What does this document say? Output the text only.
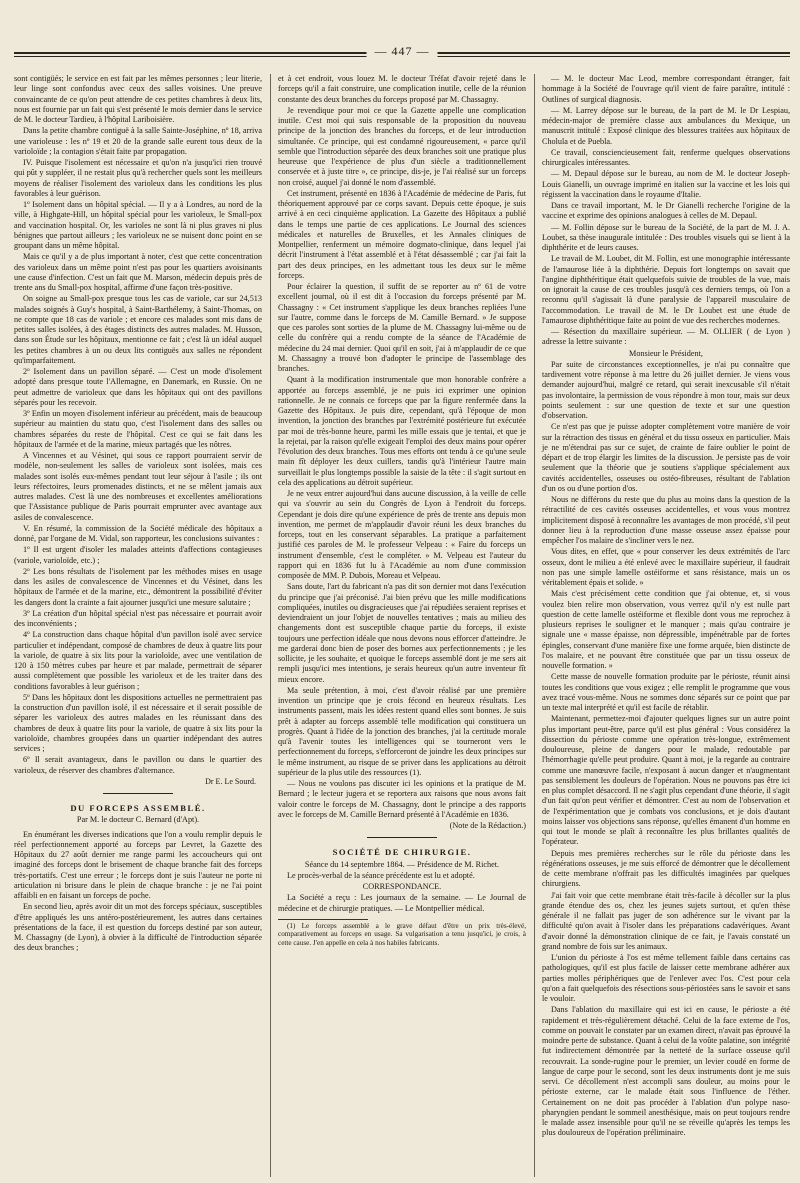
— 447 —

sont contigüés; le service en est fait par les mêmes personnes ; leur literie, leur linge sont confondus avec ceux des salles voisines. Une preuve convaincante de ce qu'on peut attendre de ces petites chambres à deux lits, nous est fournie par un fait qui s'est présenté le mois dernier dans le service de M. le docteur Tardieu, à l'hôpital Lariboisière.

Dans la petite chambre contiguë à la salle Sainte-Joséphine, nº 18, arriva une varioleuse : les nº 19 et 20 de la grande salle eurent tous deux de la varioloïde ; la contagion s'était faite par propagation.

IV. Puisque l'isolement est nécessaire et qu'on n'a jusqu'ici rien trouvé qui pût y suppléer, il ne restait plus qu'à rechercher quels sont les meilleurs moyens de réaliser l'isolement des varioleux dans les conditions les plus favorables à leur guérison.

1º Isolement dans un hôpital spécial. — Il y a à Londres, au nord de la ville, à Highgate-Hill, un hôpital spécial pour les varioleux, le Small-pox and vaccination hospital. Or, les varioles ne sont là ni plus graves ni plus bénignes que partout ailleurs ; les varioleux ne se nuisent donc point en se groupant dans un même hôpital.

Mais ce qu'il y a de plus important à noter, c'est que cette concentration des varioleux dans un même point n'est pas pour les quartiers avoisinants une cause d'infection. C'est un fait que M. Marson, médecin depuis près de trente ans du Small-pox hospital, affirme d'une façon très-positive.

On soigne au Small-pox presque tous les cas de variole, car sur 24,513 malades soignés à Guy's hospital, à Saint-Barthélemy, à Saint-Thomas, on ne compte que 18 cas de variole ; et encore ces malades sont mis dans de petites salles isolées, à des étages distincts des autres malades. M. Husson, dans son Étude sur les hôpitaux, mentionne ce fait ; c'est là un idéal auquel les petites chambres à un ou deux lits contiguës aux salles ne répondent qu'imparfaitement.

2º Isolement dans un pavillon séparé. — C'est un mode d'isolement adopté dans presque toute l'Allemagne, en Danemark, en Russie. On ne peut admettre de varioleux que dans les hôpitaux qui ont des pavillons séparés pour les recevoir.

3º Enfin un moyen d'isolement inférieur au précédent, mais de beaucoup supérieur au maintien du statu quo, c'est l'isolement dans des salles ou chambres séparées du reste de l'hôpital. C'est ce qui se fait dans les hôpitaux de l'armée et de la marine, mieux partagés que les nôtres.

A Vincennes et au Vésinet, qui sous ce rapport pourraient servir de modèle, non-seulement les salles de varioleux sont isolées, mais ces malades sont isolés eux-mêmes pendant tout leur séjour à l'asile ; ils ont leurs réfectoires, leurs promenades distincts, et ne se mêlent jamais aux autres malades. C'est là une des nombreuses et excellentes améliorations que l'Assistance publique de Paris pourrait emprunter avec avantage aux asiles de convalescence.

V. En résumé, la commission de la Société médicale des hôpitaux a donné, par l'organe de M. Vidal, son rapporteur, les conclusions suivantes :

1º Il est urgent d'isoler les malades atteints d'affections contagieuses (variole, varioloïde, etc.) ;

2º Les bons résultats de l'isolement par les méthodes mises en usage dans les asiles de convalescence de Vincennes et du Vésinet, dans les hôpitaux de l'armée et de la marine, etc., démontrent la possibilité d'éviter les dangers dont la crainte a fait ajourner jusqu'ici une mesure salutaire ;

3º La création d'un hôpital spécial n'est pas nécessaire et pourrait avoir des inconvénients ;

4º La construction dans chaque hôpital d'un pavillon isolé avec service particulier et indépendant, composé de chambres de deux à quatre lits pour la variole, de quatre à six lits pour la varioloïde, avec une ventilation de 120 à 150 mètres cubes par heure et par malade, permettrait de séparer aussi complètement que possible les varioleux et de les traiter dans des conditions favorables à leur guérison ;

5º Dans les hôpitaux dont les dispositions actuelles ne permettraient pas la construction d'un pavillon isolé, il est nécessaire et il serait possible de séparer les varioleux des autres malades en les réunissant dans des chambres de deux à quatre lits pour la variole, de quatre à six lits pour la varioloïde, chambres groupées dans un quartier indépendant des autres services ;

6º Il serait avantageux, dans le pavillon ou dans le quartier des varioleux, de réserver des chambres d'alternance.

Dr E. Le Sourd.
DU FORCEPS ASSEMBLÉ.
Par M. le docteur C. Bernard (d'Apt).

En énumérant les diverses indications que l'on a voulu remplir depuis le réel perfectionnement apporté au forceps par Levret, la Gazette des Hôpitaux du 27 août dernier me range parmi les accoucheurs qui ont imaginé des forceps dont le brisement de chaque branche fait des forceps très-portatifs. C'est une erreur ; le forceps dont je suis l'auteur ne porte ni articulation ni brisure dans le plein de chaque branche : je ne l'ai point affaibli en en faisant un forceps de poche.

En second lieu, après avoir dit un mot des forceps spéciaux, susceptibles d'être appliqués les uns antéro-postérieurement, les autres dans certaines présentations de la face, il est question du forceps destiné par son auteur, M. Chassagny (de Lyon), à obvier à la difficulté de l'introduction séparée des deux branches ;

et à cet endroit, vous louez M. le docteur Tréfat d'avoir rejeté dans le forceps qu'il a fait construire, une complication inutile, celle de la réunion constante des deux branches du forceps proposé par M. Chassagny.

Je revendique pour moi ce que la Gazette appelle une complication inutile. C'est moi qui suis responsable de la proposition du nouveau principe de la jonction des branches du forceps, et de leur introduction simultanée. Ce principe, qui est condamné rigoureusement, « parce qu'il semble que l'introduction séparée des deux branches soit une pratique plus heureuse que l'expérience de plus d'un siècle a traditionnellement conservée et à juste titre », ce principe, dis-je, je l'ai réalisé sur un forceps non croisé, auquel j'ai donné le nom d'assemblé.

Cet instrument, présenté en 1836 à l'Académie de médecine de Paris, fut théoriquement approuvé par ce corps savant. Depuis cette époque, je suis arrivé à en ceci cinquième application. La Gazette des Hôpitaux a publié dans le temps une partie de ces applications. Le Journal des sciences médicales et naturelles de Bruxelles, et les Annales cliniques de Montpellier, renferment un mémoire dogmato-clinique, dans lequel j'ai décrit l'instrument à l'état assemblé et à l'état désassemblé ; car j'ai fait la part des deux principes, en les admettant tous les deux sur le même forceps.

Pour éclairer la question, il suffit de se reporter au nº 61 de votre excellent journal, où il est dit à l'occasion du forceps présenté par M. Chassagny : « Cet instrument s'applique les deux branches repliées l'une sur l'autre, comme dans le forceps de M. Camille Bernard. » Je suppose que ces paroles sont sorties de la plume de M. Chassagny lui-même ou de celle du confrère qui a rendu compte de la séance de l'Académie de médecine du 24 mai dernier. Quoi qu'il en soit, j'ai à m'applaudir de ce que M. Chassagny a trouvé bon d'adopter le principe de l'assemblage des branches.

Quant à la modification instrumentale que mon honorable confrère a apportée au forceps assemblé, je ne puis ici exprimer une opinion rationnelle. Je ne connais ce forceps que par la figure renfermée dans la Gazette des Hôpitaux. Je puis dire, cependant, qu'à l'époque de mon invention, la jonction des branches par l'extrémité postérieure fut exécutée par moi de très-bonne heure, parmi les mille essais que je tentai, et que je la rejetai, par la raison qu'elle exigeait l'emploi des deux mains pour opérer l'évolution des deux branches. Tous mes efforts ont tendu à ce qu'une seule main fît déployer les deux cuillers, tandis qu'à l'intérieur l'autre main surveillait le plus longtemps possible la saisie de la tête : il s'agit surtout en cela des applications au détroit supérieur.

Je ne veux entrer aujourd'hui dans aucune discussion, à la veille de celle qui va s'ouvrir au sein du Congrès de Lyon à l'endroit du forceps. Cependant je dois dire qu'une expérience de près de trente ans depuis mon invention, me permet de m'applaudir d'avoir réuni les deux branches du forceps, tout en les conservant séparables. La pratique a parfaitement justifié ces paroles de M. le professeur Velpeau : « Faire du forceps un instrument d'ensemble, c'est le compléter. » M. Velpeau est l'auteur du rapport qui en 1836 fut lu à l'Académie au nom d'une commission composée de MM. P. Dubois, Moreau et Velpeau.

Sans doute, l'art du fabricant n'a pas dit son dernier mot dans l'exécution du principe que j'ai préconisé. J'ai bien prévu que les mille modifications compliquées, inutiles ou disgracieuses que j'ai répudiées seraient reprises et deviendraient un jour l'objet de nouvelles tentatives ; mais au milieu des changements dont est susceptible chaque partie du forceps, il existe toujours une perfection idéale que nous devons nous efforcer d'atteindre. Je me garderai donc bien de poser des bornes aux perfectionnements ; je les sollicite, je les souhaite, et quoique le forceps assemblé dont je me sers ait rempli jusqu'ici mes intentions, je serais heureux qu'un autre inventeur fît mieux encore.

Ma seule prétention, à moi, c'est d'avoir réalisé par une première invention un principe que je crois fécond en heureux résultats. Les instruments passent, mais les idées restent quand elles sont bonnes. Je suis prêt à adapter au forceps assemblé telle modification qui constituera un progrès. Quant à l'idée de la jonction des branches, j'ai la certitude morale qu'à l'avenir toutes les intelligences qui se tourneront vers le perfectionnement du forceps, s'efforceront de joindre les deux principes sur le même instrument, au risque de se priver dans les applications au détroit supérieur de la plus utile des ressources (1).

— Nous ne voulons pas discuter ici les opinions et la pratique de M. Bernard ; le lecteur jugera et se reportera aux raisons que nous avons fait valoir contre le forceps de M. Chassagny, dont le principe a des rapports avec le forceps de M. Camille Bernard présenté à l'Académie en 1836.

(Note de la Rédaction.)

SOCIÉTÉ DE CHIRURGIE.

Séance du 14 septembre 1864. — Présidence de M. Richet.

Le procès-verbal de la séance précédente est lu et adopté.

CORRESPONDANCE.

La Société a reçu : Les journaux de la semaine. — Le Journal de médecine et de chirurgie pratiques. — Le Montpellier médical.

(1) Le forceps assemblé a le grave défaut d'être un prix très-élevé, comparativement au forceps en usage. Sa vulgarisation a tenu jusqu'ici, je crois, à cette cause. J'en appelle en cela à nos habiles fabricants.

— M. le docteur Mac Leod, membre correspondant étranger, fait hommage à la Société de l'ouvrage qu'il vient de faire paraître, intitulé : Outlines of surgical diagnosis.

— M. Larrey dépose sur le bureau, de la part de M. le Dr Lespiau, médecin-major de première classe aux ambulances du Mexique, un manuscrit intitulé : Exposé clinique des blessures traitées aux hôpitaux de Cholula et de Puebla.

Ce travail, consciencieusement fait, renferme quelques observations chirurgicales intéressantes.

— M. Depaul dépose sur le bureau, au nom de M. le docteur Joseph-Louis Gianelli, un ouvrage imprimé en italien sur la vaccine et les lois qui régissent la vaccination dans le royaume d'Italie.

Dans ce travail important, M. le Dr Gianelli recherche l'origine de la vaccine et exprime des opinions analogues à celles de M. Depaul.

— M. Follin dépose sur le bureau de la Société, de la part de M. J. A. Loubet, sa thèse inaugurale intitulée : Des troubles visuels qui se lient à la diphthérite et de leurs causes.

Le travail de M. Loubet, dit M. Follin, est une monographie intéressante de l'amaurose liée à la diphthérie. Depuis fort longtemps on savait que l'angine diphthéritique était quelquefois suivie de troubles de la vue, mais on ignorait la cause de ces troubles jusqu'à ces derniers temps, où l'on a reconnu qu'il s'agissait là d'une paralysie de l'appareil musculaire de l'accommodation. Le travail de M. le Dr Loubet est une étude de l'amaurose diphthéritique faite au point de vue des recherches modernes.

— Résection du maxillaire supérieur. — M. OLLIER ( de Lyon ) adresse la lettre suivante :

Monsieur le Président,

Par suite de circonstances exceptionnelles, je n'ai pu connaître que tardivement votre réponse à ma lettre du 26 juillet dernier. Je viens vous demander aujourd'hui, malgré ce retard, qui serait inexcusable s'il n'était pas involontaire, la permission de vous répondre à mon tour, mais sur deux points seulement : sur une question de texte et sur une question d'observation.

Ce n'est pas que je puisse adopter complètement votre manière de voir sur la rétraction des tissus en général et du tissu osseux en particulier. Mais je ne m'étendrai pas sur ce sujet, de crainte de faire oublier le point de départ et de trop élargir les limites de la discussion. Je persiste pas de voir seulement que la théorie que je soutiens s'applique spécialement aux cavités accidentelles, osseuses ou ostéo-fibreuses, résultant de l'ablation d'un os ou d'une portion d'os.

Nous ne différons du reste que du plus au moins dans la question de la rétractilité de ces cavités osseuses accidentelles, et vous vous montrez implicitement disposé à reconnaître les avantages de mon procédé, s'il peut donner lieu à la reproduction d'une masse osseuse assez épaisse pour empêcher l'os malaire de s'incliner vers le nez.

Vous dites, en effet, que « pour conserver les deux extrémités de l'arc osseux, dont le milieu a été enlevé avec le maxillaire supérieur, il faudrait non pas une simple lamelle ostéiforme et sans résistance, mais un os véritablement épais et solide. »

Mais c'est précisément cette condition que j'ai obtenue, et, si vous voulez bien relire mon observation, vous verrez qu'il n'y est nulle part question de cette lamelle ostéiforme et flexible dont vous me reprochez à plusieurs reprises le souligner et le manquer ; mais qu'au contraire je signale une « masse épaisse, non dépressible, impénétrable par de fortes épingles, conservant d'une manière fixe une forme arquée, bien distincte de l'os malaire, et ne pouvant être constituée que par un tissu osseux de nouvelle formation. »

Cette masse de nouvelle formation produite par le périoste, réunit ainsi toutes les conditions que vous exigez ; elle remplit le programme que vous avez tracé vous-même. Nous ne sommes donc séparés sur ce point que par un texte mal interprété et qu'il est facile de rétablir.

Maintenant, permettez-moi d'ajouter quelques lignes sur un autre point plus important peut-être, parce qu'il est plus général : Vous considérez la dissection du périoste comme une opération très-longue, extrêmement douloureuse, pleine de dangers pour le malade, redoutable par l'hémorrhagie qu'elle peut produire. Quant à moi, je la regarde au contraire comme une manœuvre facile, n'exposant à aucun danger et n'augmentant pas sensiblement les douleurs de l'opération. Nous ne pouvons pas être ici en plus complet désaccord. Il ne s'agit plus cependant d'une théorie, il s'agit d'un fait qu'on peut vérifier et démontrer. C'est au nom de l'observation et de l'expérimentation que je combats vos conclusions, et je dois d'autant moins laisser vos objections sans réponse, qu'elles émanent d'un homme en qui tout le monde se plaît à reconnaître les plus brillantes qualités de l'opérateur.

Depuis mes premières recherches sur le rôle du périoste dans les régénérations osseuses, je me suis efforcé de démontrer que le décollement de cette membrane n'offrait pas les difficultés imaginées par quelques chirurgiens.

J'ai fait voir que cette membrane était très-facile à décoller sur la plus grande étendue des os, chez les jeunes sujets surtout, et qu'en thèse générale il ne fallait pas juger de son adhérence sur le vivant par la difficulté qu'on avait à l'isoler dans les préparations cadavériques. Avant d'avoir donné la démonstration clinique de ce fait, je l'avais constaté un grand nombre de fois sur les animaux.

L'union du périoste à l'os est même tellement faible dans certains cas pathologiques, qu'il est plus facile de laisser cette membrane adhérer aux parties molles périphériques que de l'enlever avec l'os. C'est pour cela qu'on a fait quelquefois des résections sous-périostées sans le savoir et sans le vouloir.

Dans l'ablation du maxillaire qui est ici en cause, le périoste a été rapidement et très-régulièrement détaché. Celui de la face externe de l'os, comme on pouvait le constater par un examen direct, n'avait pas éprouvé la moindre perte de substance. Quant à celui de la voûte palatine, son intégrité fut indirectement démontrée par la netteté de la surface osseuse qu'il recouvrait. La sonde-rugine pour le premier, un levier coudé en forme de langue de carpe pour le second, sont les deux instruments dont je me suis servi. Ce décollement n'est accompli sans douleur, au moins pour le périoste externe, car le malade était sous l'influence de l'éther. Certainement on ne doit pas procéder à l'ablation d'un polype naso-pharyngien pendant le sommeil anesthésique, mais on peut toujours rendre le malade assez insensible pour qu'il ne se réveille qu'après les temps les plus douloureux de l'opération préliminaire.
